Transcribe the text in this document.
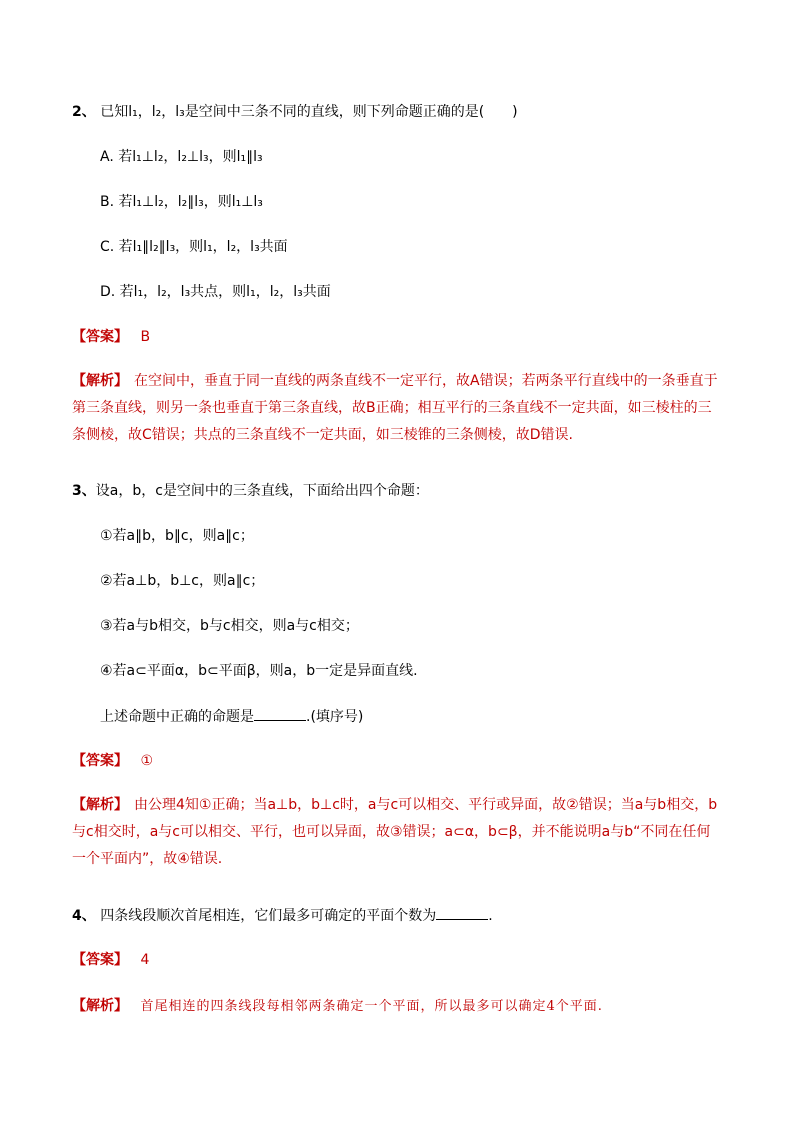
2、 已知l₁，l₂，l₃是空间中三条不同的直线，则下列命题正确的是(　　)
A. 若l₁⊥l₂，l₂⊥l₃，则l₁∥l₃
B. 若l₁⊥l₂，l₂∥l₃，则l₁⊥l₃
C. 若l₁∥l₂∥l₃，则l₁，l₂，l₃共面
D. 若l₁，l₂，l₃共点，则l₁，l₂，l₃共面
【答案】 B
【解析】 在空间中，垂直于同一直线的两条直线不一定平行，故A错误；若两条平行直线中的一条垂直于第三条直线，则另一条也垂直于第三条直线，故B正确；相互平行的三条直线不一定共面，如三棱柱的三条侧棱，故C错误；共点的三条直线不一定共面，如三棱锥的三条侧棱，故D错误.
3、设a，b，c是空间中的三条直线，下面给出四个命题：
①若a∥b，b∥c，则a∥c；
②若a⊥b，b⊥c，则a∥c；
③若a与b相交，b与c相交，则a与c相交；
④若a⊂平面α，b⊂平面β，则a，b一定是异面直线.
上述命题中正确的命题是	.(填序号)
【答案】 ①
【解析】 由公理4知①正确；当a⊥b，b⊥c时，a与c可以相交、平行或异面，故②错误；当a与b相交，b与c相交时，a与c可以相交、平行，也可以异面，故③错误；a⊂α，b⊂β，并不能说明a与b“不同在任何一个平面内”，故④错误.
4、 四条线段顺次首尾相连，它们最多可确定的平面个数为	.
【答案】 4
【解析】 首尾相连的四条线段每相邻两条确定一个平面，所以最多可以确定4个平面.
